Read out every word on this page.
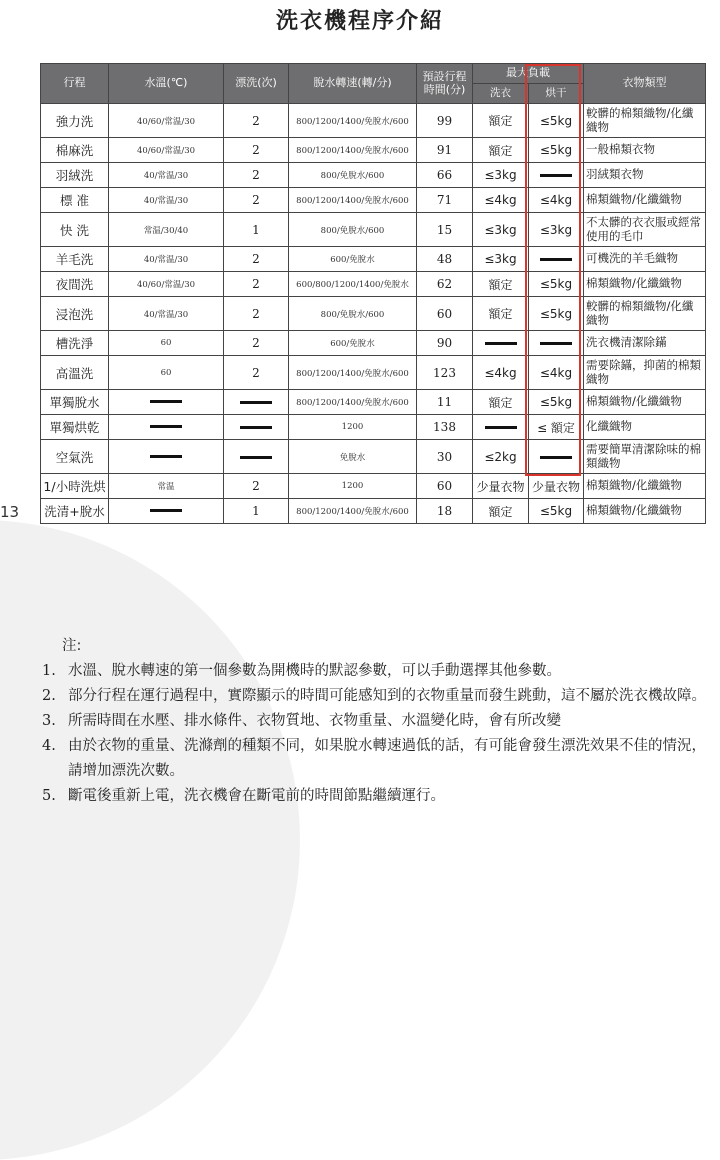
13
洗衣機程序介紹
行程	水溫(℃)	漂洗(次)	脫水轉速(轉/分)	預設行程時間(分)	最大負載		衣物類型
					洗衣	烘干	
強力洗	40/60/常温/30	2	800/1200/1400/免脫水/600	99	額定	≤5kg	較髒的棉類織物/化纖織物
棉麻洗	40/60/常温/30	2	800/1200/1400/免脫水/600	91	額定	≤5kg	一般棉類衣物
羽絨洗	40/常温/30	2	800/免脫水/600	66	≤3kg		羽絨類衣物
標 准	40/常温/30	2	800/1200/1400/免脫水/600	71	≤4kg	≤4kg	棉類織物/化纖織物
快 洗	常温/30/40	1	800/免脫水/600	15	≤3kg	≤3kg	不太髒的衣衣服或經常使用的毛巾
羊毛洗	40/常温/30	2	600/免脫水	48	≤3kg		可機洗的羊毛織物
夜間洗	40/60/常温/30	2	600/800/1200/1400/免脫水	62	額定	≤5kg	棉類織物/化纖織物
浸泡洗	40/常温/30	2	800/免脫水/600	60	額定	≤5kg	較髒的棉類織物/化纖織物
槽洗淨	60	2	600/免脫水	90			洗衣機清潔除鏋
高溫洗	60	2	800/1200/1400/免脫水/600	123	≤4kg	≤4kg	需要除鏋，抑菌的棉類織物
單獨脫水			800/1200/1400/免脫水/600	11	額定	≤5kg	棉類織物/化纖織物
單獨烘乾			1200	138		≤ 額定	化纖織物
空氣洗			免脫水	30	≤2kg		需要簡單清潔除味的棉類織物
1/小時洗烘	常温	2	1200	60	少量衣物	少量衣物	棉類織物/化纖織物
洗清+脫水		1	800/1200/1400/免脫水/600	18	額定	≤5kg	棉類織物/化纖織物
注:
1. 水溫、脫水轉速的第一個參數為開機時的默認參數，可以手動選擇其他參數。
2. 部分行程在運行過程中，實際顯示的時間可能感知到的衣物重量而發生跳動，這不屬於洗衣機故障。
3. 所需時間在水壓、排水條件、衣物質地、衣物重量、水溫變化時，會有所改變
4. 由於衣物的重量、洗滌劑的種類不同，如果脫水轉速過低的話，有可能會發生漂洗效果不佳的情況，請增加漂洗次數。
5. 斷電後重新上電，洗衣機會在斷電前的時間節點繼續運行。
